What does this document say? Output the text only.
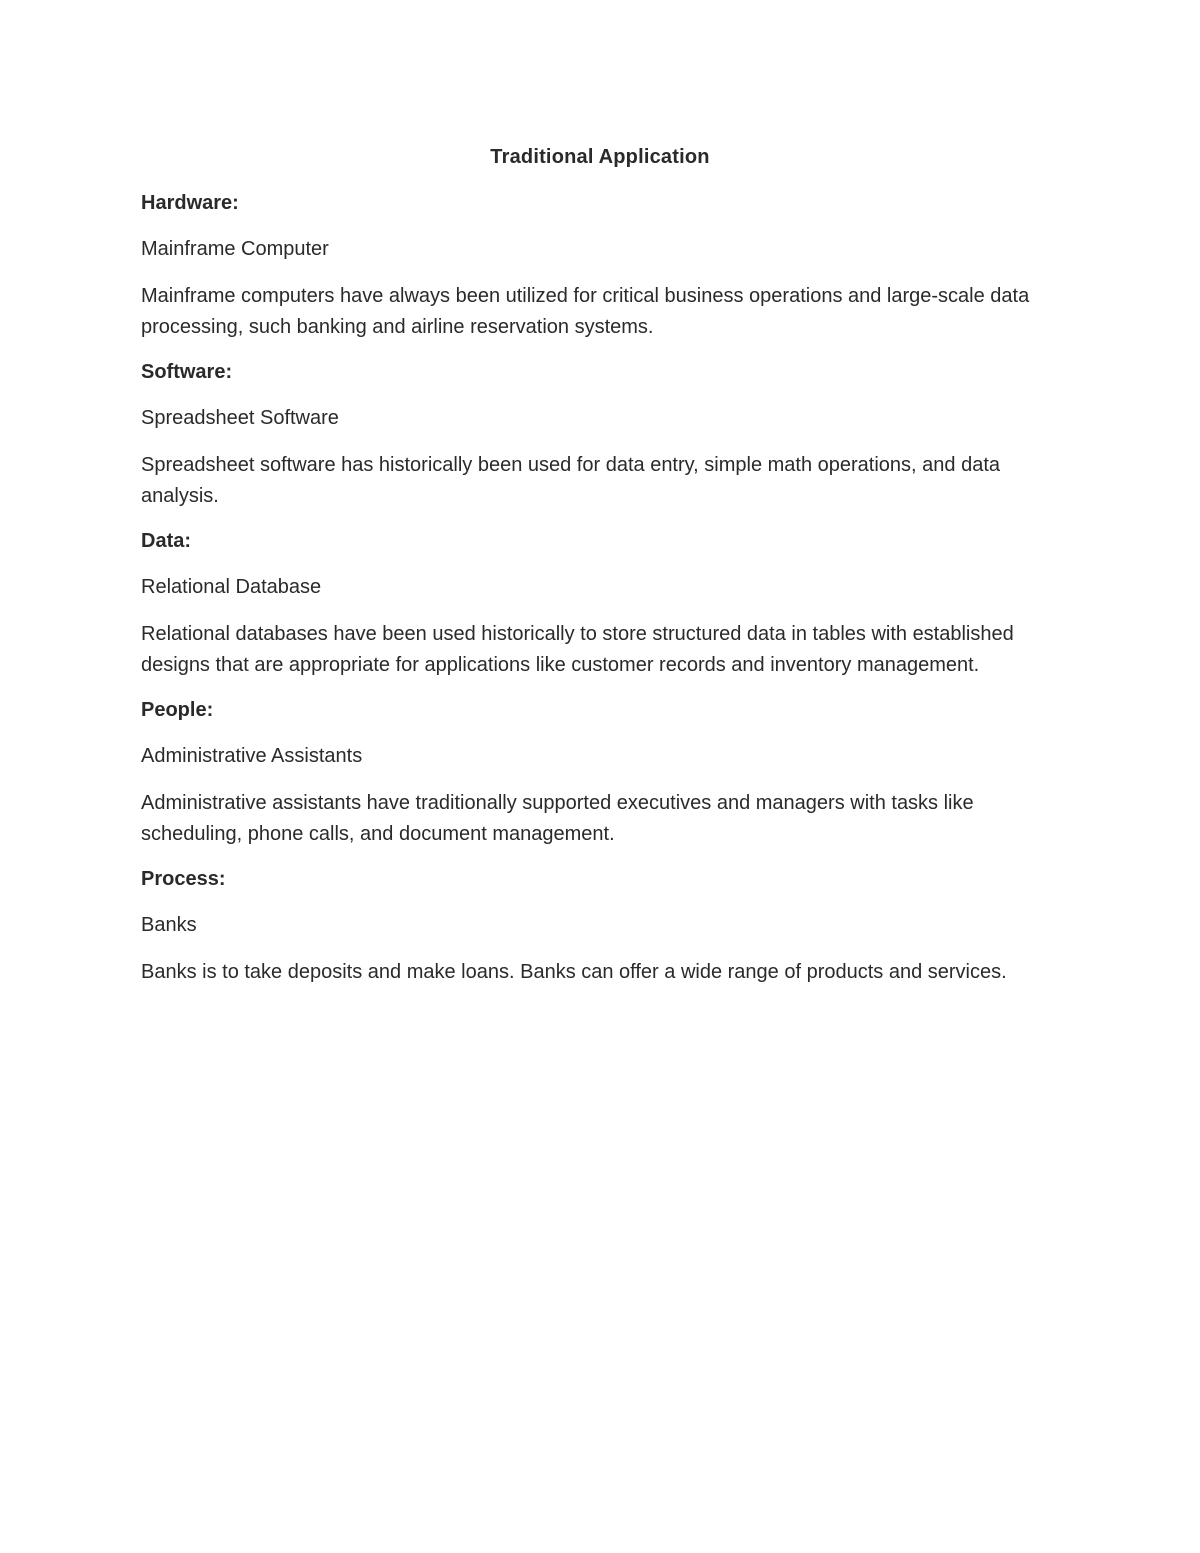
Traditional Application
Hardware:
Mainframe Computer

Mainframe computers have always been utilized for critical business operations and large-scale data processing, such banking and airline reservation systems.

Software:
Spreadsheet Software

Spreadsheet software has historically been used for data entry, simple math operations, and data analysis.

Data:
Relational Database

Relational databases have been used historically to store structured data in tables with established designs that are appropriate for applications like customer records and inventory management.

People:
Administrative Assistants

Administrative assistants have traditionally supported executives and managers with tasks like scheduling, phone calls, and document management.

Process:
Banks

Banks is to take deposits and make loans. Banks can offer a wide range of products and services.
